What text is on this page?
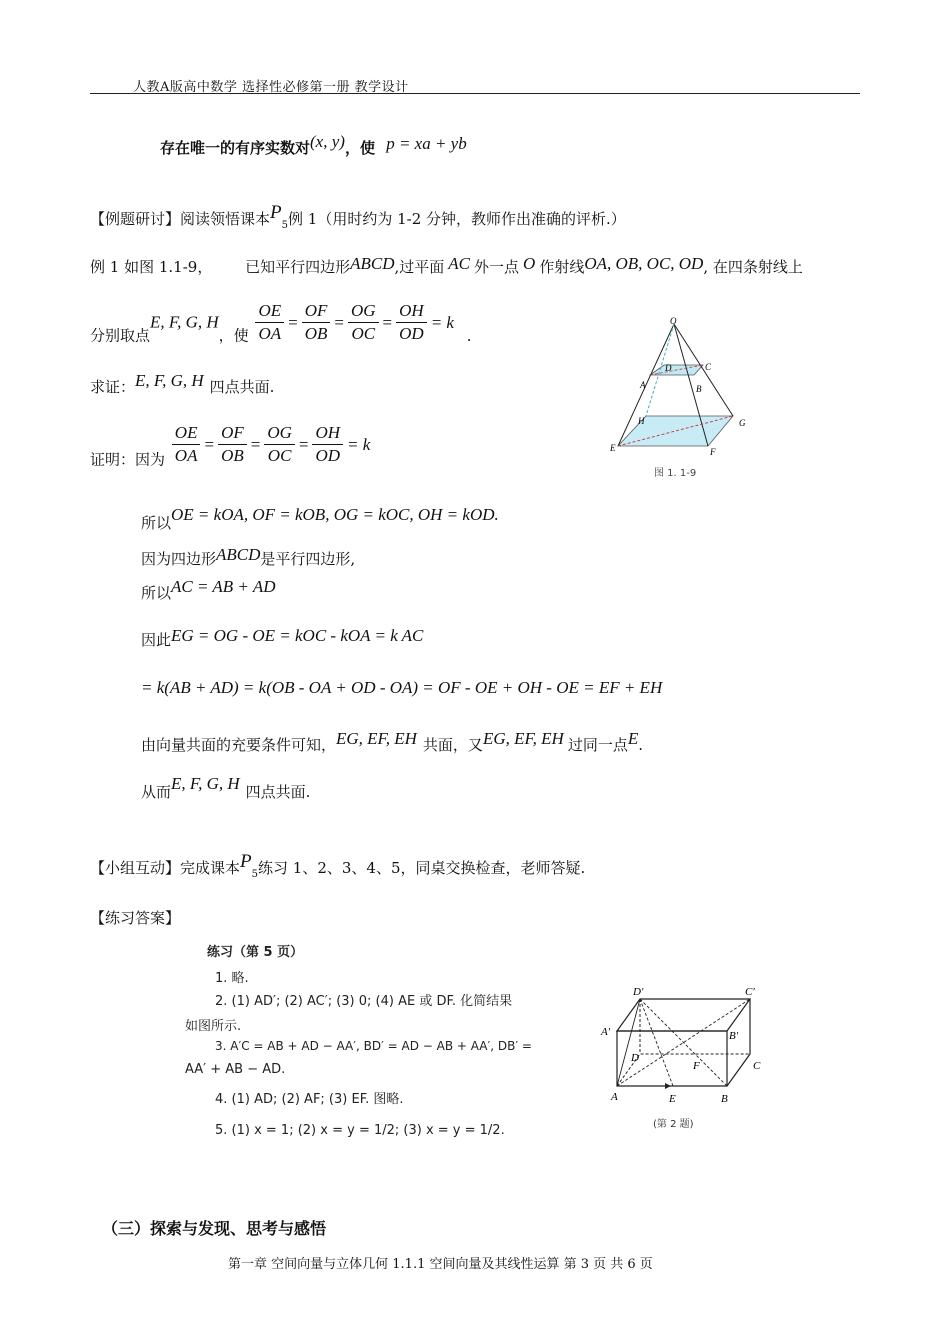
人教A版高中数学 选择性必修第一册 教学设计
存在唯一的有序实数对(x, y)，使 p = xa + yb
【例题研讨】阅读领悟课本$P_5$例 1（用时约为 1-2 分钟，教师作出准确的评析.）
例 1 如图 1.1-9， 已知平行四边形ABCD,过平面 AC 外一点 O 作射线OA, OB, OC, OD, 在四条射线上
分别取点E, F, G, H，使 $\frac{OE}{OA} = \frac{OF}{OB} = \frac{OG}{OC} = \frac{OH}{OD} = k$ .
求证：E, F, G, H 四点共面.
证明：因为 $\frac{OE}{OA} = \frac{OF}{OB} = \frac{OG}{OC} = \frac{OH}{OD} = k$
所以OE = kOA, OF = kOB, OG = kOC, OH = kOD.
因为四边形ABCD是平行四边形,
所以AC = AB + AD
因此EG = OG - OE = kOC - kOA = k AC
= k(AB + AD) = k(OB - OA + OD - OA) = OF - OE + OH - OE = EF + EH
由向量共面的充要条件可知，EG, EF, EH 共面，又EG, EF, EH 过同一点E.
从而E, F, G, H 四点共面.
O
D	C
A	B
H	G
E	F
图 1. 1-9
【小组互动】完成课本$P_5$练习 1、2、3、4、5，同桌交换检查，老师答疑.
【练习答案】
练习（第 5 页）
1. 略.
2. (1) AD′; (2) AC′; (3) 0; (4) AE 或 DF. 化简结果
如图所示.
3. A′C = AB + AD − AA′, BD′ = AD − AB + AA′, DB′ =
AA′ + AB − AD.
4. (1) AD; (2) AF; (3) EF. 图略.
5. (1) x = 1; (2) x = y = 1/2; (3) x = y = 1/2.
D′	C′
A′	B′
D
C
F
A	E	B
(第 2 题)
（三）探索与发现、思考与感悟
第一章 空间向量与立体几何 1.1.1 空间向量及其线性运算 第 3 页 共 6 页
